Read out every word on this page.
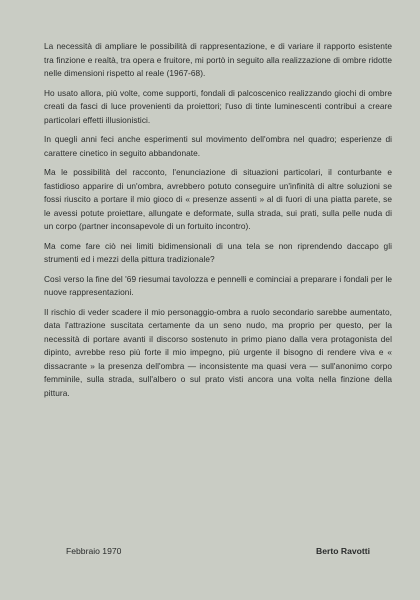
La necessità di ampliare le possibilità di rappresentazione, e di variare il rapporto esistente tra finzione e realtà, tra opera e fruitore, mi portò in seguito alla realizzazione di ombre ridotte nelle dimensioni rispetto al reale (1967-68).

Ho usato allora, più volte, come supporti, fondali di palcoscenico realizzando giochi di ombre creati da fasci di luce provenienti da proiettori; l'uso di tinte luminescenti contribuì a creare particolari effetti illusionistici.

In quegli anni feci anche esperimenti sul movimento dell'ombra nel quadro; esperienze di carattere cinetico in seguito abbandonate.

Ma le possibilità del racconto, l'enunciazione di situazioni particolari, il conturbante e fastidioso apparire di un'ombra, avrebbero potuto conseguire un'infinità di altre soluzioni se fossi riuscito a portare il mio gioco di « presenze assenti » al di fuori di una piatta parete, se le avessi potute proiettare, allungate e deformate, sulla strada, sui prati, sulla pelle nuda di un corpo (partner inconsapevole di un fortuito incontro).

Ma come fare ciò nei limiti bidimensionali di una tela se non riprendendo daccapo gli strumenti ed i mezzi della pittura tradizionale?

Così verso la fine del '69 riesumai tavolozza e pennelli e cominciai a preparare i fondali per le nuove rappresentazioni.

Il rischio di veder scadere il mio personaggio-ombra a ruolo secondario sarebbe aumentato, data l'attrazione suscitata certamente da un seno nudo, ma proprio per questo, per la necessità di portare avanti il discorso sostenuto in primo piano dalla vera protagonista del dipinto, avrebbe reso più forte il mio impegno, più urgente il bisogno di rendere viva e « dissacrante » la presenza dell'ombra — inconsistente ma quasi vera — sull'anonimo corpo femminile, sulla strada, sull'albero o sul prato visti ancora una volta nella finzione della pittura.

Febbraio 1970	Berto Ravotti
